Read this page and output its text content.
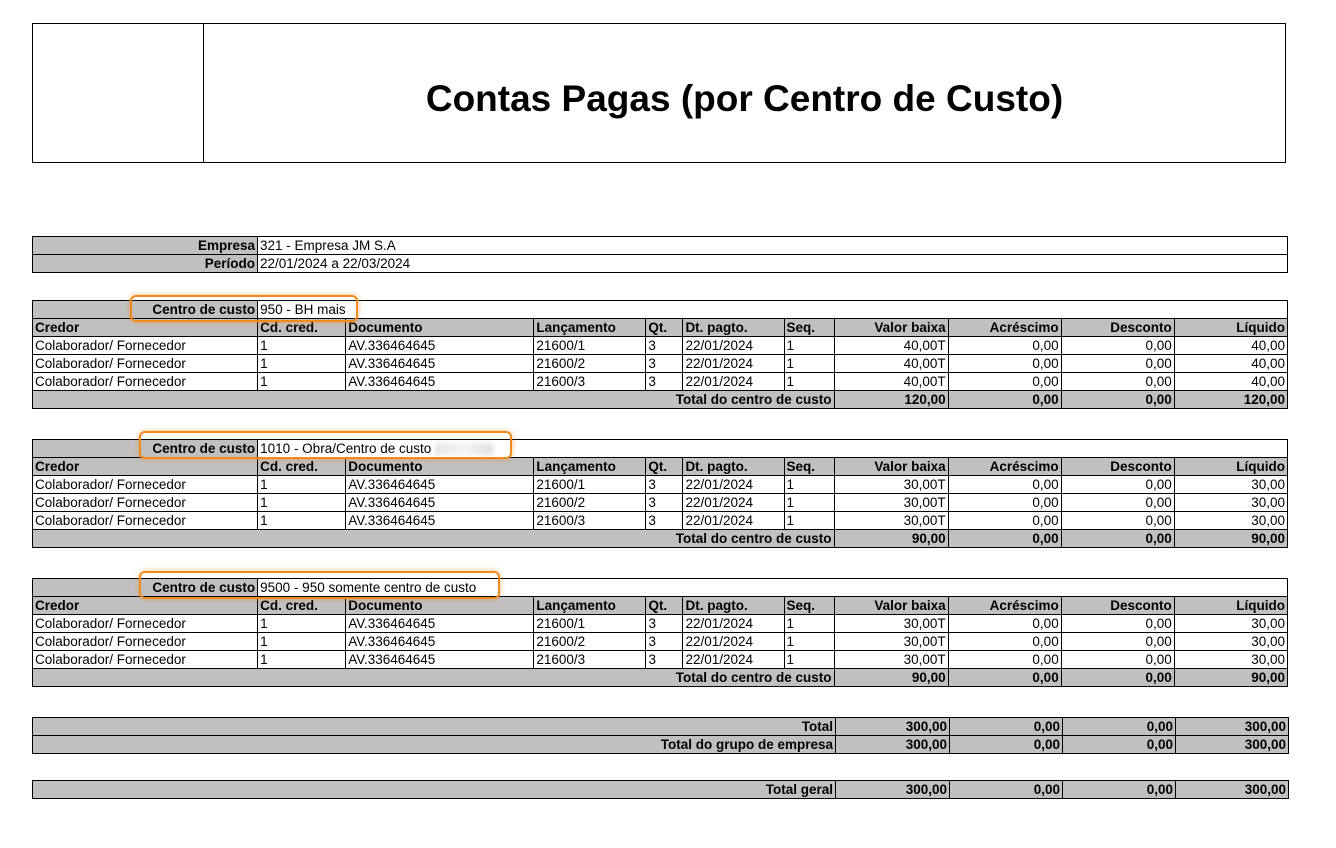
Contas Pagas (por Centro de Custo)
Empresa	321 - Empresa JM S.A
Período	22/01/2024 a 22/03/2024
Centro de custo	950 - BH mais									
Credor	Cd. cred.	Documento	Lançamento	Qt.	Dt. pagto.	Seq.	Valor baixa	Acréscimo	Desconto	Líquido
Colaborador/ Fornecedor	1	AV.336464645	21600/1	3	22/01/2024	1	40,00T	0,00	0,00	40,00
Colaborador/ Fornecedor	1	AV.336464645	21600/2	3	22/01/2024	1	40,00T	0,00	0,00	40,00
Colaborador/ Fornecedor	1	AV.336464645	21600/3	3	22/01/2024	1	40,00T	0,00	0,00	40,00
Total do centro de custo							120,00	0,00	0,00	120,00
Centro de custo	1010 - Obra/Centro de custo									
Credor	Cd. cred.	Documento	Lançamento	Qt.	Dt. pagto.	Seq.	Valor baixa	Acréscimo	Desconto	Líquido
Colaborador/ Fornecedor	1	AV.336464645	21600/1	3	22/01/2024	1	30,00T	0,00	0,00	30,00
Colaborador/ Fornecedor	1	AV.336464645	21600/2	3	22/01/2024	1	30,00T	0,00	0,00	30,00
Colaborador/ Fornecedor	1	AV.336464645	21600/3	3	22/01/2024	1	30,00T	0,00	0,00	30,00
Total do centro de custo							90,00	0,00	0,00	90,00
Centro de custo	9500 - 950 somente centro de custo									
Credor	Cd. cred.	Documento	Lançamento	Qt.	Dt. pagto.	Seq.	Valor baixa	Acréscimo	Desconto	Líquido
Colaborador/ Fornecedor	1	AV.336464645	21600/1	3	22/01/2024	1	30,00T	0,00	0,00	30,00
Colaborador/ Fornecedor	1	AV.336464645	21600/2	3	22/01/2024	1	30,00T	0,00	0,00	30,00
Colaborador/ Fornecedor	1	AV.336464645	21600/3	3	22/01/2024	1	30,00T	0,00	0,00	30,00
Total do centro de custo							90,00	0,00	0,00	90,00
Total	300,00	0,00	0,00	300,00
Total do grupo de empresa	300,00	0,00	0,00	300,00
Total geral	300,00	0,00	0,00	300,00
